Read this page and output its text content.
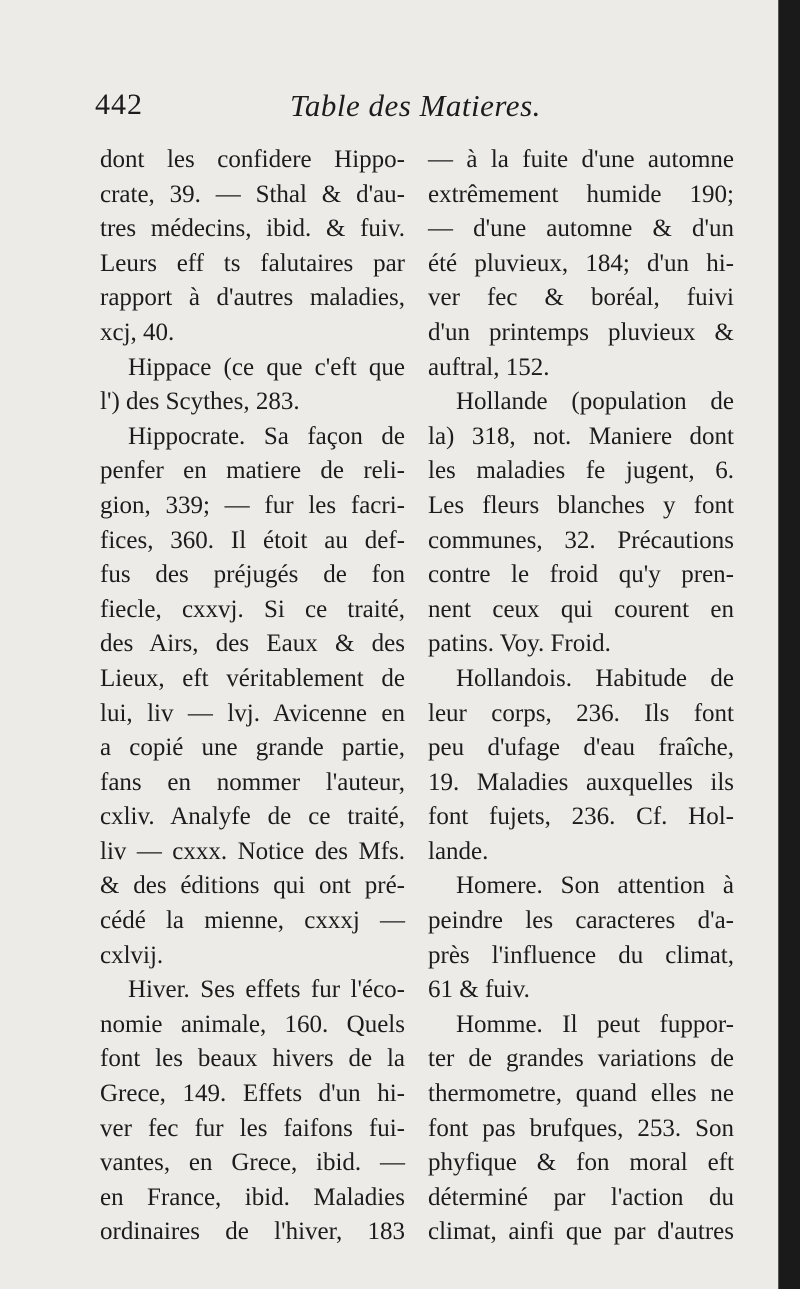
442	Table des Matieres.
dont les confidere Hippo-
crate, 39. — Sthal & d'au-
tres médecins, ibid. & fuiv.
Leurs eff ts falutaires par
rapport à d'autres maladies,
xcj, 40.
Hippace (ce que c'eft que
l') des Scythes, 283.
Hippocrate. Sa façon de
penfer en matiere de reli-
gion, 339; — fur les facri-
fices, 360. Il étoit au def-
fus des préjugés de fon
fiecle, cxxvj. Si ce traité,
des Airs, des Eaux & des
Lieux, eft véritablement de
lui, liv — lvj. Avicenne en
a copié une grande partie,
fans en nommer l'auteur,
cxliv. Analyfe de ce traité,
liv — cxxx. Notice des Mfs.
& des éditions qui ont pré-
cédé la mienne, cxxxj —
cxlvij.
Hiver. Ses effets fur l'éco-
nomie animale, 160. Quels
font les beaux hivers de la
Grece, 149. Effets d'un hi-
ver fec fur les faifons fui-
vantes, en Grece, ibid. —
en France, ibid. Maladies
ordinaires de l'hiver, 183
— à la fuite d'une automne
extrêmement humide 190;
— d'une automne & d'un
été pluvieux, 184; d'un hi-
ver fec & boréal, fuivi
d'un printemps pluvieux &
auftral, 152.
Hollande (population de
la) 318, not. Maniere dont
les maladies fe jugent, 6.
Les fleurs blanches y font
communes, 32. Précautions
contre le froid qu'y pren-
nent ceux qui courent en
patins. Voy. Froid.
Hollandois. Habitude de
leur corps, 236. Ils font
peu d'ufage d'eau fraîche,
19. Maladies auxquelles ils
font fujets, 236. Cf. Hol-
lande.
Homere. Son attention à
peindre les caracteres d'a-
près l'influence du climat,
61 & fuiv.
Homme. Il peut fuppor-
ter de grandes variations de
thermometre, quand elles ne
font pas brufques, 253. Son
phyfique & fon moral eft
déterminé par l'action du
climat, ainfi que par d'autres
